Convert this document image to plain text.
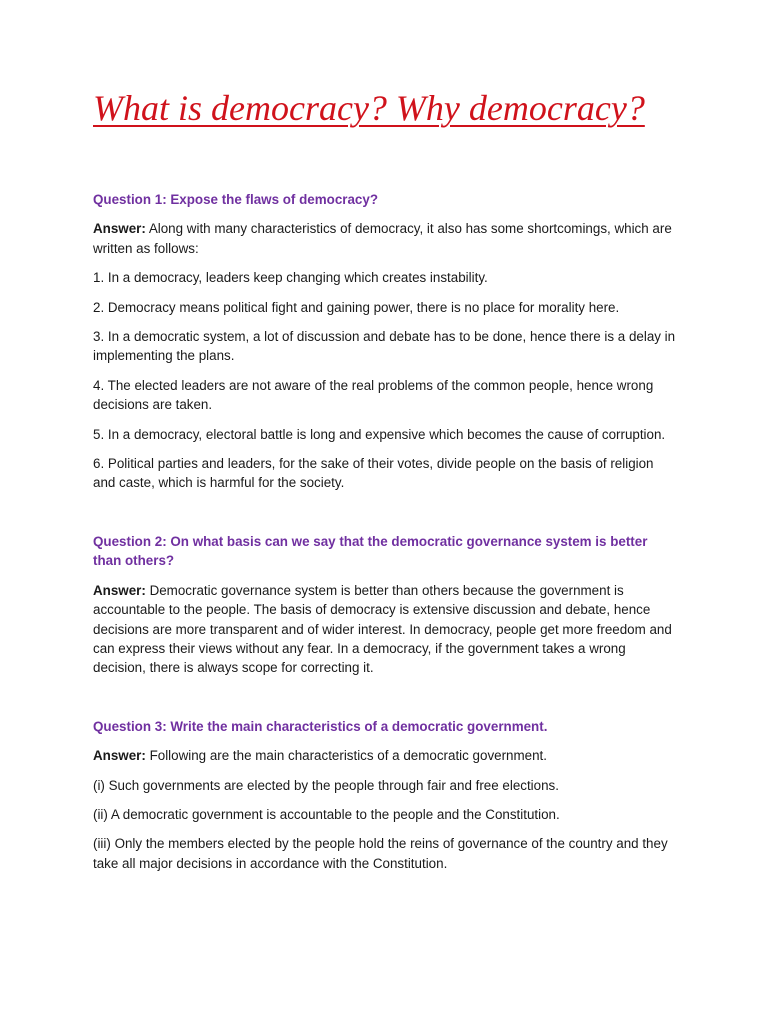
What is democracy? Why democracy?

Question 1: Expose the flaws of democracy?

Answer: Along with many characteristics of democracy, it also has some shortcomings, which are written as follows:

1. In a democracy, leaders keep changing which creates instability.

2. Democracy means political fight and gaining power, there is no place for morality here.

3. In a democratic system, a lot of discussion and debate has to be done, hence there is a delay in implementing the plans.

4. The elected leaders are not aware of the real problems of the common people, hence wrong decisions are taken.

5. In a democracy, electoral battle is long and expensive which becomes the cause of corruption.

6. Political parties and leaders, for the sake of their votes, divide people on the basis of religion and caste, which is harmful for the society.

Question 2: On what basis can we say that the democratic governance system is better than others?

Answer: Democratic governance system is better than others because the government is accountable to the people. The basis of democracy is extensive discussion and debate, hence decisions are more transparent and of wider interest. In democracy, people get more freedom and can express their views without any fear. In a democracy, if the government takes a wrong decision, there is always scope for correcting it.

Question 3: Write the main characteristics of a democratic government.

Answer: Following are the main characteristics of a democratic government.

(i) Such governments are elected by the people through fair and free elections.

(ii) A democratic government is accountable to the people and the Constitution.

(iii) Only the members elected by the people hold the reins of governance of the country and they take all major decisions in accordance with the Constitution.
